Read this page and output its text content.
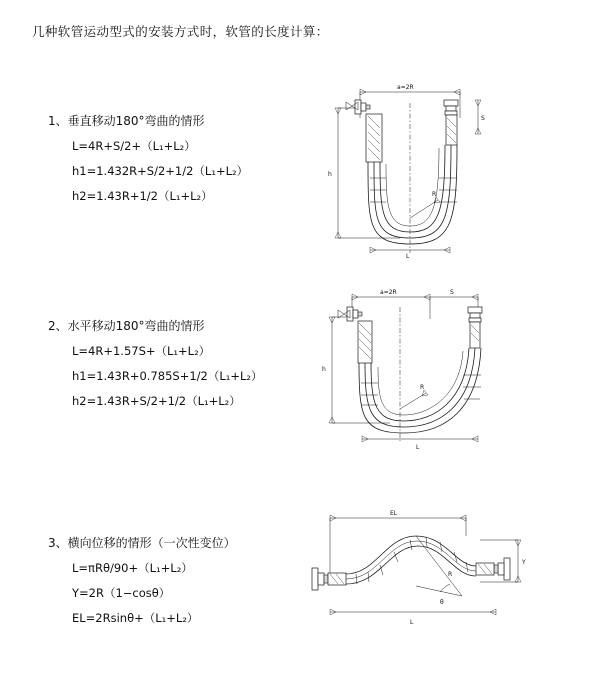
几种软管运动型式的安装方式时，软管的长度计算：
1、垂直移动180°弯曲的情形
L=4R+S/2+（L₁+L₂）
h1=1.432R+S/2+1/2（L₁+L₂）
h2=1.43R+1/2（L₁+L₂）
a=2R
S
h
R
L
2、水平移动180°弯曲的情形
L=4R+1.57S+（L₁+L₂）
h1=1.43R+0.785S+1/2（L₁+L₂）
h2=1.43R+S/2+1/2（L₁+L₂）
a=2R	S
h
R
L
3、横向位移的情形（一次性变位）
L=πRθ/90+（L₁+L₂）
Y=2R（1−cosθ）
EL=2Rsinθ+（L₁+L₂）
EL
Y
R
θ
L
